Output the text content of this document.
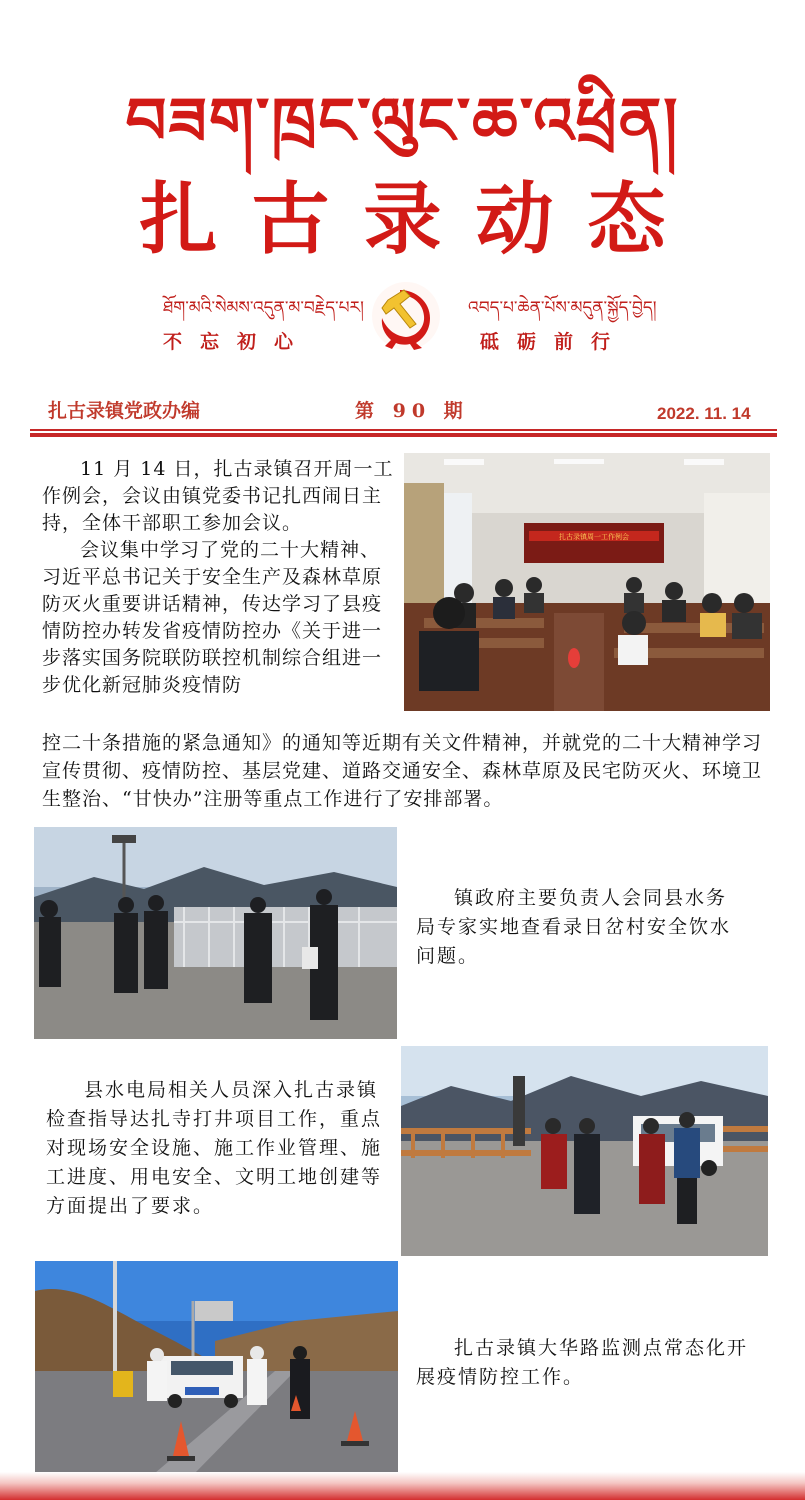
བཟག་ཁྲང་ལུང་ཆ་འཕྲིན།
扎古录动态
ཐོག་མའི་སེམས་འདུན་མ་བརྗེད་པར།
不忘初心
འབད་པ་ཆེན་པོས་མདུན་སྐྱོད་བྱེད།
砥砺前行
扎古录镇党政办编	第 90 期	2022. 11. 14

11 月 14 日，扎古录镇召开周一工作例会，会议由镇党委书记扎西闹日主持，全体干部职工参加会议。

会议集中学习了党的二十大精神、习近平总书记关于安全生产及森林草原防灭火重要讲话精神，传达学习了县疫情防控办转发省疫情防控办《关于进一步落实国务院联防联控机制综合组进一步优化新冠肺炎疫情防

控二十条措施的紧急通知》的通知等近期有关文件精神，并就党的二十大精神学习宣传贯彻、疫情防控、基层党建、道路交通安全、森林草原及民宅防灭火、环境卫生整治、“甘快办”注册等重点工作进行了安排部署。

扎古录镇周一工作例会
镇政府主要负责人会同县水务局专家实地查看录日岔村安全饮水问题。
县水电局相关人员深入扎古录镇检查指导达扎寺打井项目工作，重点对现场安全设施、施工作业管理、施工进度、用电安全、文明工地创建等方面提出了要求。
扎古录镇大华路监测点常态化开展疫情防控工作。
